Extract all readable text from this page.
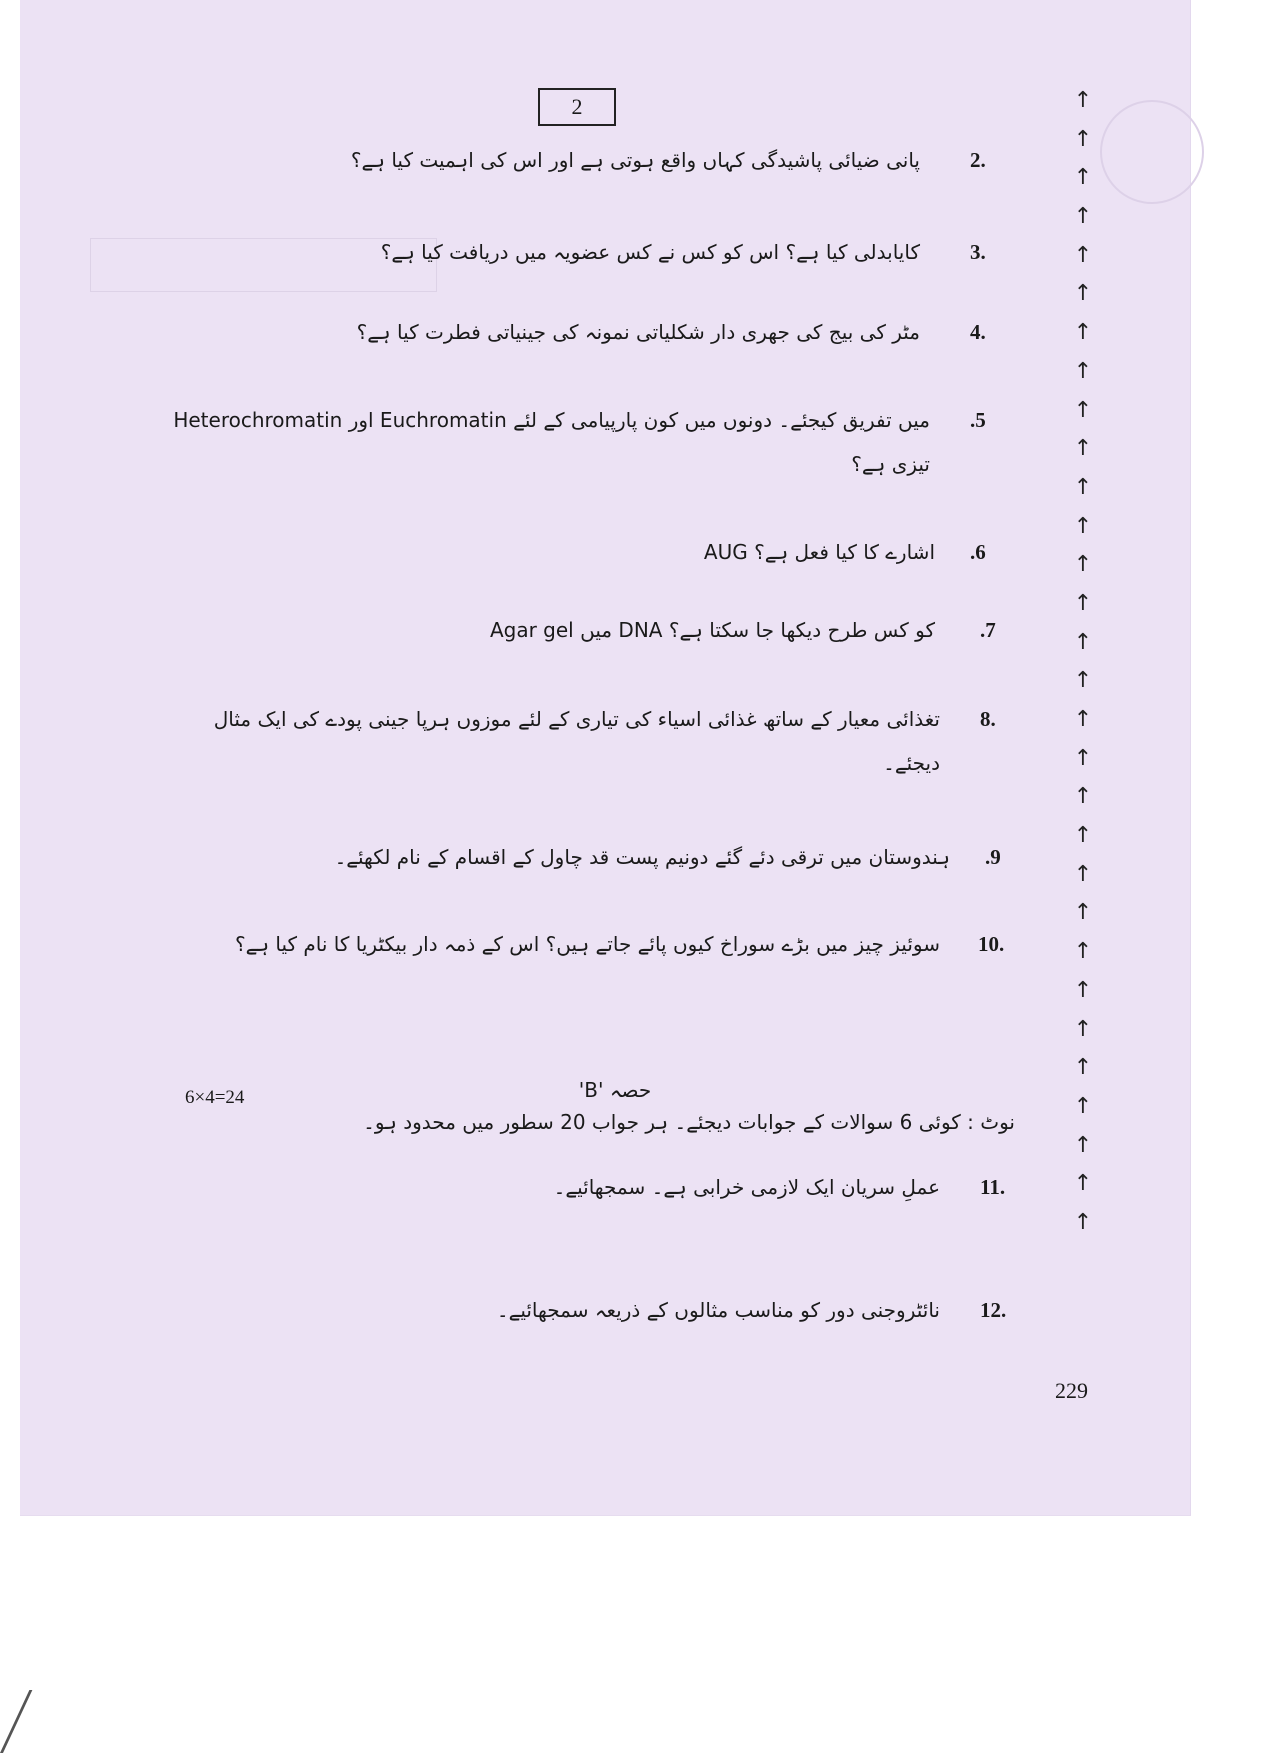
2
2.
پانی ضیائی پاشیدگی کہاں واقع ہوتی ہے اور اس کی اہمیت کیا ہے؟
3.
کایابدلی کیا ہے؟ اس کو کس نے کس عضویہ میں دریافت کیا ہے؟
4.
مٹر کی بیج کی جھری دار شکلیاتی نمونہ کی جینیاتی فطرت کیا ہے؟
.5
Heterochromatin اور Euchromatin میں تفریق کیجئے۔ دونوں میں کون پارپیامی کے لئے تیزی ہے؟
.6
AUG اشارے کا کیا فعل ہے؟
.7
Agar gel میں DNA کو کس طرح دیکھا جا سکتا ہے؟
8.
تغذائی معیار کے ساتھ غذائی اسیاء کی تیاری کے لئے موزوں ہرپا جینی پودے کی ایک مثال دیجئے۔
.9
ہندوستان میں ترقی دئے گئے دونیم پست قد چاول کے اقسام کے نام لکھئے۔
10.
سوئیز چیز میں بڑے سوراخ کیوں پائے جاتے ہیں؟ اس کے ذمہ دار بیکٹریا کا نام کیا ہے؟
حصہ 'B'
6×4=24
نوٹ : کوئی 6 سوالات کے جوابات دیجئے۔ ہر جواب 20 سطور میں محدود ہو۔
11.
عملِ سریان ایک لازمی خرابی ہے۔ سمجھائیے۔
12.
نائٹروجنی دور کو مناسب مثالوں کے ذریعہ سمجھائیے۔
↑
↑
↑
↑
↑
↑
↑
↑
↑
↑
↑
↑
↑
↑
↑
↑
↑
↑
↑
↑
↑
↑
↑
↑
↑
↑
↑
↑
↑
↑
229
